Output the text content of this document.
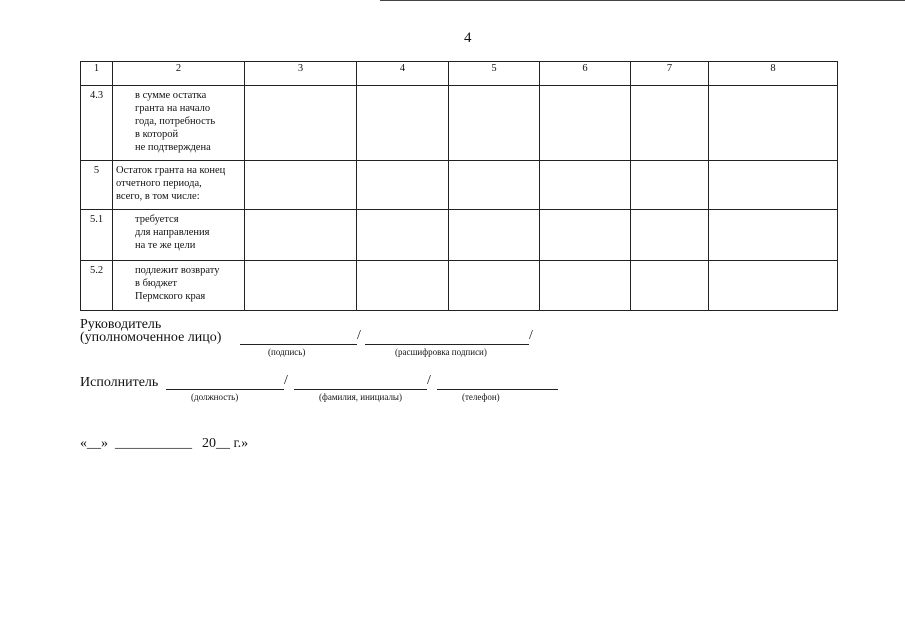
4
1	2	3	4	5	6	7	8
4.3	в сумме остатка
гранта на начало
года, потребность
в которой
не подтверждена						

5	Остаток гранта на конец
отчетного периода,
всего, в том числе:						

5.1	требуется
для направления
на те же цели						

5.2	подлежит возврату
в бюджет
Пермского края						

Руководитель
(уполномоченное лицо)	/	/
(подпись)	(расшифровка подписи)
Исполнитель	/	/
(должность)	(фамилия, инициалы)	(телефон)
«__» ___________ 20__ г.»
